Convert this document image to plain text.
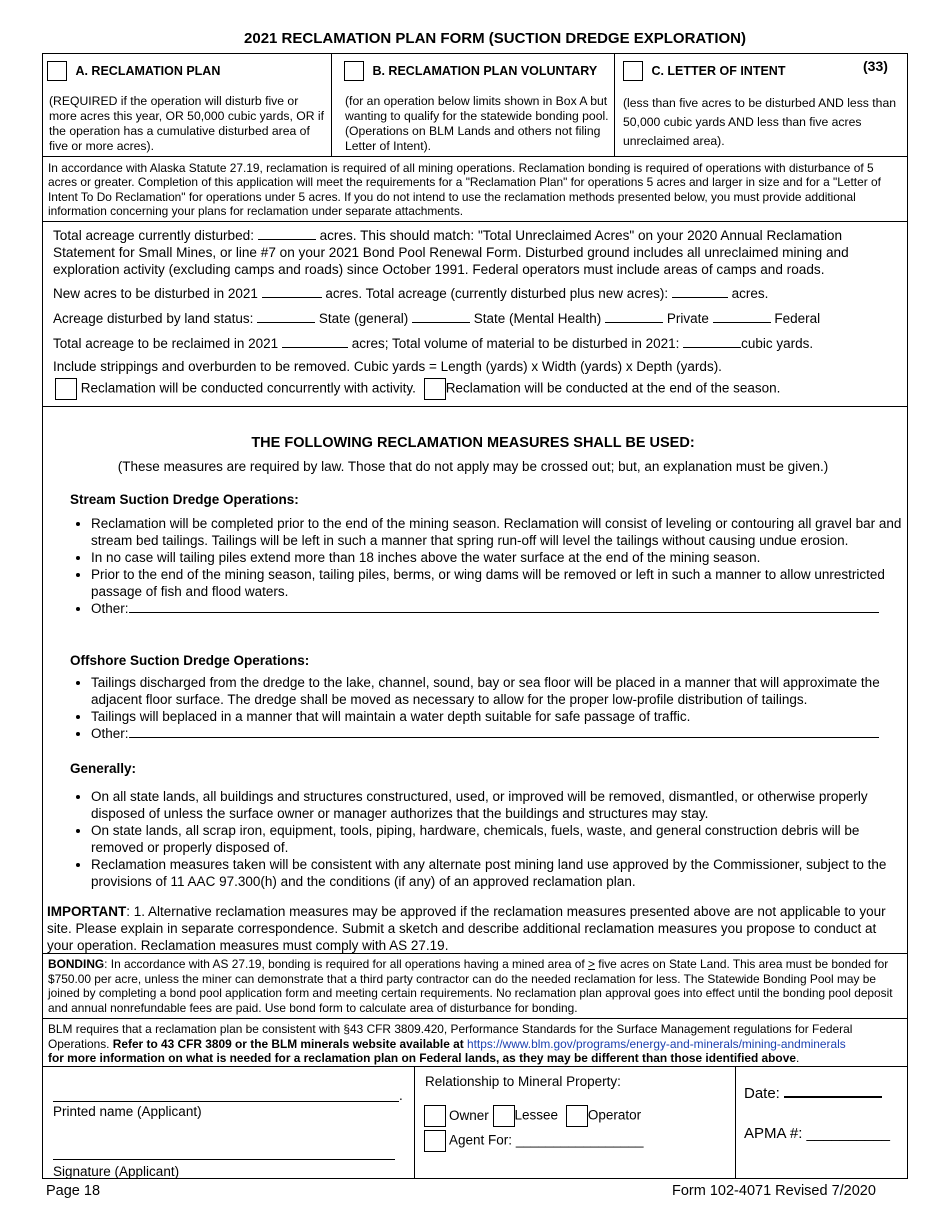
2021 RECLAMATION PLAN FORM (SUCTION DREDGE EXPLORATION)
A. RECLAMATION PLAN
(REQUIRED if the operation will disturb five or more acres this year, OR 50,000 cubic yards, OR if the operation has a cumulative disturbed area of five or more acres).
B. RECLAMATION PLAN VOLUNTARY
(for an operation below limits shown in Box A but wanting to qualify for the statewide bonding pool. (Operations on BLM Lands and others not filing Letter of Intent).
C. LETTER OF INTENT	(33)
(less than five acres to be disturbed AND less than 50,000 cubic yards AND less than five acres unreclaimed area).
In accordance with Alaska Statute 27.19, reclamation is required of all mining operations. Reclamation bonding is required of operations with disturbance of 5 acres or greater. Completion of this application will meet the requirements for a "Reclamation Plan" for operations 5 acres and larger in size and for a "Letter of Intent To Do Reclamation" for operations under 5 acres. If you do not intend to use the reclamation methods presented below, you must provide additional information concerning your plans for reclamation under separate attachments.
Total acreage currently disturbed:	acres. This should match: "Total Unreclaimed Acres" on your 2020 Annual Reclamation Statement for Small Mines, or line #7 on your 2021 Bond Pool Renewal Form. Disturbed ground includes all unreclaimed mining and exploration activity (excluding camps and roads) since October 1991. Federal operators must include areas of camps and roads.
New acres to be disturbed in 2021	acres. Total acreage (currently disturbed plus new acres):	acres.
Acreage disturbed by land status:	State (general)	State (Mental Health)	Private	Federal
Total acreage to be reclaimed in 2021	acres; Total volume of material to be disturbed in 2021:	cubic yards.
Include strippings and overburden to be removed. Cubic yards = Length (yards) x Width (yards) x Depth (yards).
Reclamation will be conducted concurrently with activity. Reclamation will be conducted at the end of the season.
THE FOLLOWING RECLAMATION MEASURES SHALL BE USED:
(These measures are required by law. Those that do not apply may be crossed out; but, an explanation must be given.)
Stream Suction Dredge Operations:
• Reclamation will be completed prior to the end of the mining season. Reclamation will consist of leveling or contouring all gravel bar and stream bed tailings. Tailings will be left in such a manner that spring run-off will level the tailings without causing undue erosion.
• In no case will tailing piles extend more than 18 inches above the water surface at the end of the mining season.
• Prior to the end of the mining season, tailing piles, berms, or wing dams will be removed or left in such a manner to allow unrestricted passage of fish and flood waters.
• Other:
Offshore Suction Dredge Operations:
• Tailings discharged from the dredge to the lake, channel, sound, bay or sea floor will be placed in a manner that will approximate the adjacent floor surface. The dredge shall be moved as necessary to allow for the proper low-profile distribution of tailings.
• Tailings will beplaced in a manner that will maintain a water depth suitable for safe passage of traffic.
• Other:
Generally:
• On all state lands, all buildings and structures constructured, used, or improved will be removed, dismantled, or otherwise properly disposed of unless the surface owner or manager authorizes that the buildings and structures may stay.
• On state lands, all scrap iron, equipment, tools, piping, hardware, chemicals, fuels, waste, and general construction debris will be removed or properly disposed of.
• Reclamation measures taken will be consistent with any alternate post mining land use approved by the Commissioner, subject to the provisions of 11 AAC 97.300(h) and the conditions (if any) of an approved reclamation plan.
IMPORTANT: 1. Alternative reclamation measures may be approved if the reclamation measures presented above are not applicable to your site. Please explain in separate correspondence. Submit a sketch and describe additional reclamation measures you propose to conduct at your operation. Reclamation measures must comply with AS 27.19.
BONDING: In accordance with AS 27.19, bonding is required for all operations having a mined area of > five acres on State Land. This area must be bonded for $750.00 per acre, unless the miner can demonstrate that a third party contractor can do the needed reclamation for less. The Statewide Bonding Pool may be joined by completing a bond pool application form and meeting certain requirements. No reclamation plan approval goes into effect until the bonding pool deposit and annual nonrefundable fees are paid. Use bond form to calculate area of disturbance for bonding.
BLM requires that a reclamation plan be consistent with §43 CFR 3809.420, Performance Standards for the Surface Management regulations for Federal Operations. Refer to 43 CFR 3809 or the BLM minerals website available at https://www.blm.gov/programs/energy-and-minerals/mining-andminerals
for more information on what is needed for a reclamation plan on Federal lands, as they may be different than those identified above.
.
Printed name (Applicant)
Signature (Applicant)
Relationship to Mineral Property:
Owner Lessee Operator
Agent For: _________________
Date:
APMA #: __________
Page 18	Form 102-4071 Revised 7/2020
